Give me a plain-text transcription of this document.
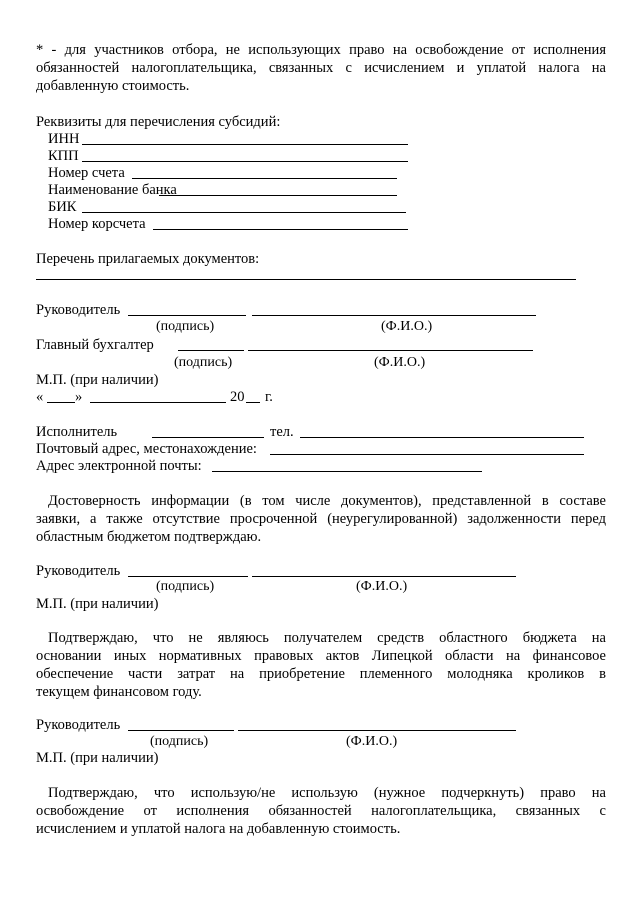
* - для участников отбора, не использующих право на освобождение от исполнения
обязанностей налогоплательщика, связанных с исчислением и уплатой налога на
добавленную стоимость.
Реквизиты для перечисления субсидий:
ИНН
КПП
Номер счета
Наименование банка
БИК
Номер корсчета
Перечень прилагаемых документов:
Руководитель
(подпись)	(Ф.И.О.)
Главный бухгалтер
(подпись)	(Ф.И.О.)
М.П. (при наличии)
« »	20 г.
Исполнитель	тел.
Почтовый адрес, местонахождение:
Адрес электронной почты:
Достоверность информации (в том числе документов), представленной в составе
заявки, а также отсутствие просроченной (неурегулированной) задолженности перед
областным бюджетом подтверждаю.
Руководитель
(подпись)	(Ф.И.О.)
М.П. (при наличии)
Подтверждаю, что не являюсь получателем средств областного бюджета на
основании иных нормативных правовых актов Липецкой области на финансовое
обеспечение части затрат на приобретение племенного молодняка кроликов в
текущем финансовом году.
Руководитель
(подпись)	(Ф.И.О.)
М.П. (при наличии)
Подтверждаю, что использую/не использую (нужное подчеркнуть) право на
освобождение от исполнения обязанностей налогоплательщика, связанных с
исчислением и уплатой налога на добавленную стоимость.
